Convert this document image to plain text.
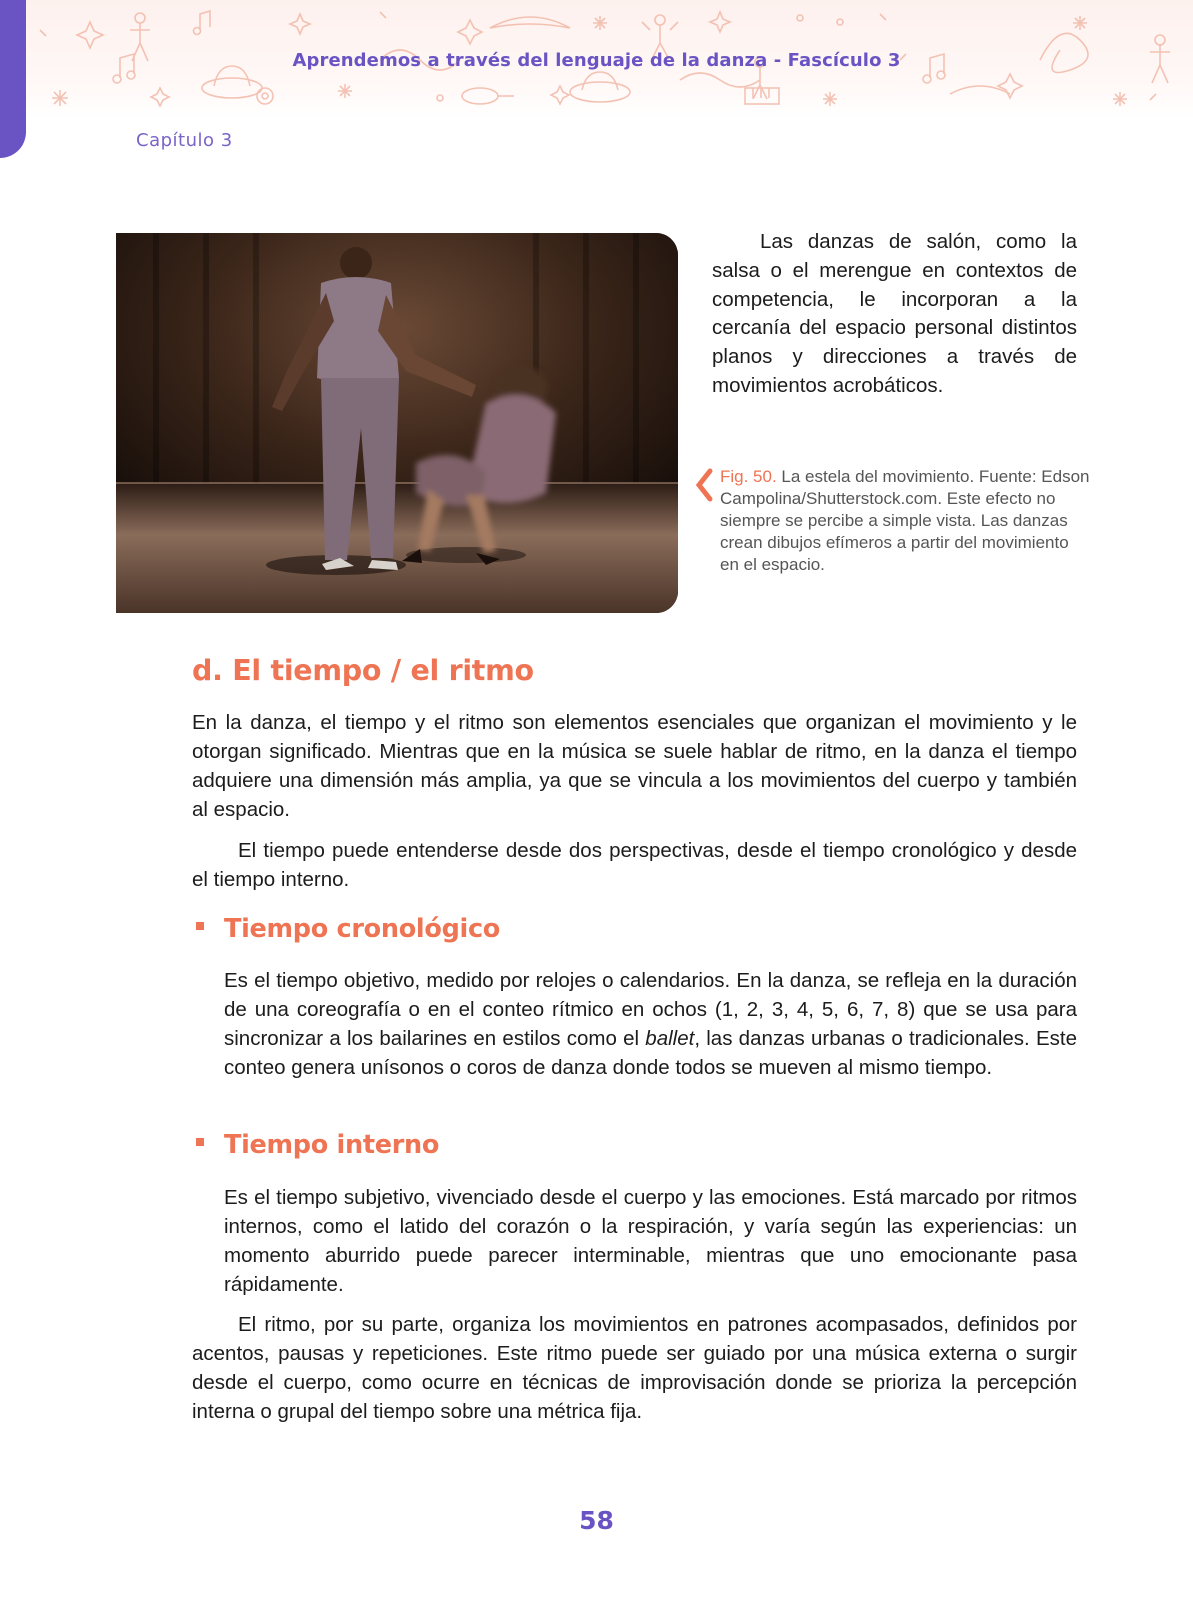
Aprendemos a través del lenguaje de la danza - Fascículo 3
Capítulo 3
Las danzas de salón, como la salsa o el merengue en contextos de competencia, le incorporan a la cercanía del espacio personal distintos planos y direcciones a través de movimientos acrobáticos.
Fig. 50. La estela del movimiento. Fuente: Edson Campolina/Shutterstock.com. Este efecto no siempre se percibe a simple vista. Las danzas crean dibujos efímeros a partir del movimiento en el espacio.
d. El tiempo / el ritmo
En la danza, el tiempo y el ritmo son elementos esenciales que organizan el movimiento y le otorgan significado. Mientras que en la música se suele hablar de ritmo, en la danza el tiempo adquiere una dimensión más amplia, ya que se vincula a los movimientos del cuerpo y también al espacio.
El tiempo puede entenderse desde dos perspectivas, desde el tiempo cronológico y desde el tiempo interno.
Tiempo cronológico
Es el tiempo objetivo, medido por relojes o calendarios. En la danza, se refleja en la duración de una coreografía o en el conteo rítmico en ochos (1, 2, 3, 4, 5, 6, 7, 8) que se usa para sincronizar a los bailarines en estilos como el ballet, las danzas urbanas o tradicionales. Este conteo genera unísonos o coros de danza donde todos se mueven al mismo tiempo.
Tiempo interno
Es el tiempo subjetivo, vivenciado desde el cuerpo y las emociones. Está marcado por ritmos internos, como el latido del corazón o la respiración, y varía según las experiencias: un momento aburrido puede parecer interminable, mientras que uno emocionante pasa rápidamente.
El ritmo, por su parte, organiza los movimientos en patrones acompasados, definidos por acentos, pausas y repeticiones. Este ritmo puede ser guiado por una música externa o surgir desde el cuerpo, como ocurre en técnicas de improvisación donde se prioriza la percepción interna o grupal del tiempo sobre una métrica fija.
58
